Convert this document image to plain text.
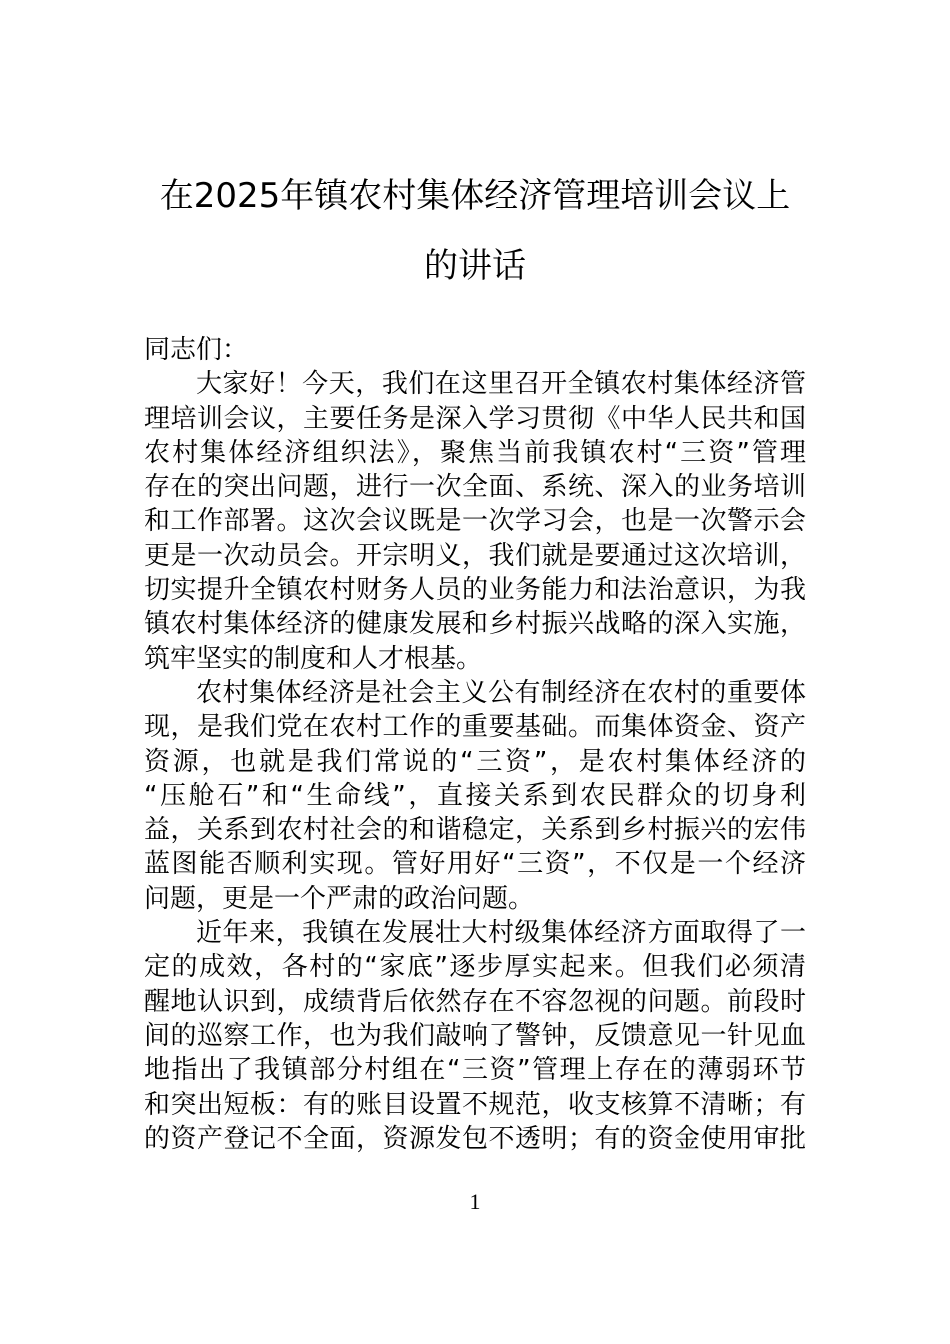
在2025年镇农村集体经济管理培训会议上
的讲话

同志们：

大家好！今天，我们在这里召开全镇农村集体经济管
理培训会议，主要任务是深入学习贯彻《中华人民共和国
农村集体经济组织法》，聚焦当前我镇农村“三资”管理
存在的突出问题，进行一次全面、系统、深入的业务培训
和工作部署。这次会议既是一次学习会，也是一次警示会
更是一次动员会。开宗明义，我们就是要通过这次培训，
切实提升全镇农村财务人员的业务能力和法治意识，为我
镇农村集体经济的健康发展和乡村振兴战略的深入实施，
筑牢坚实的制度和人才根基。

农村集体经济是社会主义公有制经济在农村的重要体
现，是我们党在农村工作的重要基础。而集体资金、资产
资源，也就是我们常说的“三资”，是农村集体经济的
“压舱石”和“生命线”，直接关系到农民群众的切身利
益，关系到农村社会的和谐稳定，关系到乡村振兴的宏伟
蓝图能否顺利实现。管好用好“三资”，不仅是一个经济
问题，更是一个严肃的政治问题。

近年来，我镇在发展壮大村级集体经济方面取得了一
定的成效，各村的“家底”逐步厚实起来。但我们必须清
醒地认识到，成绩背后依然存在不容忽视的问题。前段时
间的巡察工作，也为我们敲响了警钟，反馈意见一针见血
地指出了我镇部分村组在“三资”管理上存在的薄弱环节
和突出短板：有的账目设置不规范，收支核算不清晰；有
的资产登记不全面，资源发包不透明；有的资金使用审批

1
